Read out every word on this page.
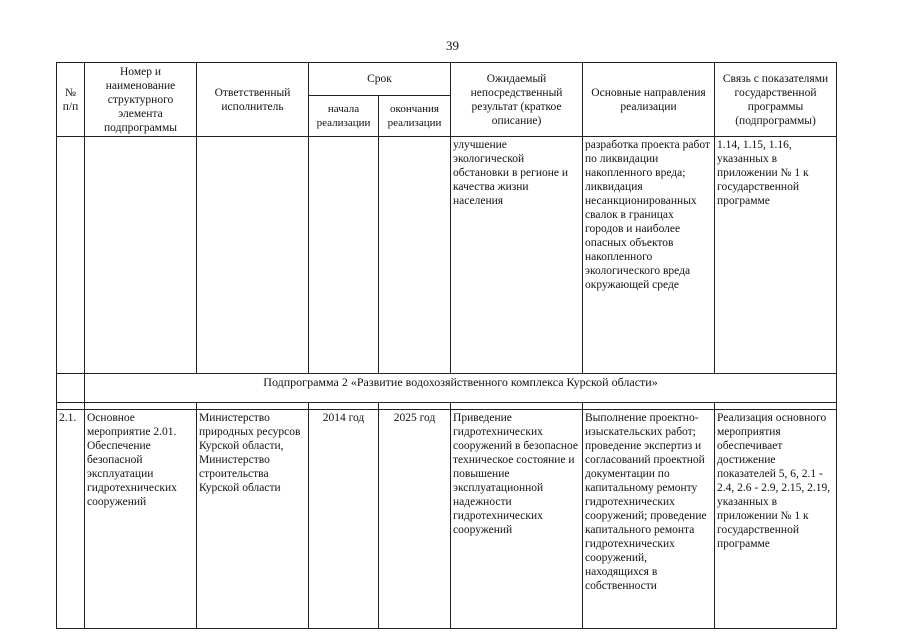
39
№ п/п	Номер и наименование структурного элемента подпрограммы	Ответственный исполнитель	Срок		Ожидаемый непосредственный результат (краткое описание)	Основные направления реализации	Связь с показателями государственной программы (подпрограммы)
			начала реализации	окончания реализации			
					улучшение экологической обстановки в регионе и качества жизни населения	разработка проекта работ по ликвидации накопленного вреда; ликвидация несанкционированных свалок в границах городов и наиболее опасных объектов накопленного экологического вреда окружающей среде	1.14, 1.15, 1.16, указанных в приложении № 1 к государственной программе
	Подпрограмма 2 «Развитие водохозяйственного комплекса Курской области»						

2.1.	Основное мероприятие 2.01. Обеспечение безопасной эксплуатации гидротехнических сооружений	Министерство природных ресурсов Курской области, Министерство строительства Курской области	2014 год	2025 год	Приведение гидротехнических сооружений в безопасное техническое состояние и повышение эксплуатационной надежности гидротехнических сооружений	Выполнение проектно-изыскательских работ; проведение экспертиз и согласований проектной документации по капитальному ремонту гидротехнических сооружений; проведение капитального ремонта гидротехнических сооружений, находящихся в собственности	Реализация основного мероприятия обеспечивает достижение показателей 5, 6, 2.1 - 2.4, 2.6 - 2.9, 2.15, 2.19, указанных в приложении № 1 к государственной программе
